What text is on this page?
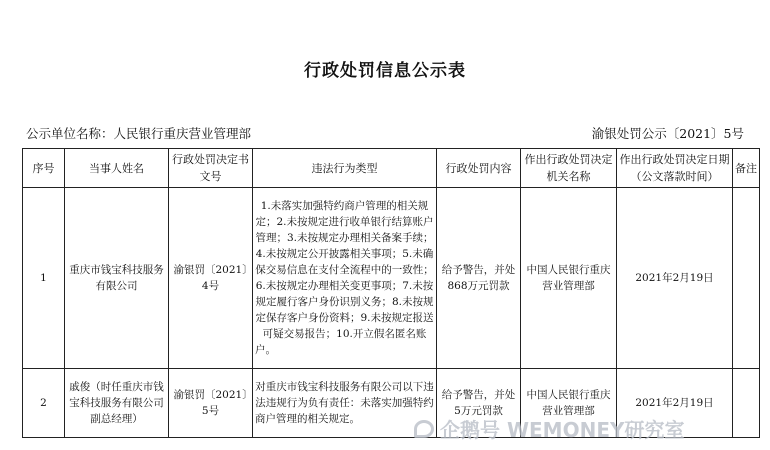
行政处罚信息公示表
公示单位名称：人民银行重庆营业管理部	渝银处罚公示〔2021〕5号
序号	当事人姓名	行政处罚决定书文号	违法行为类型	行政处罚内容	作出行政处罚决定机关名称	作出行政处罚决定日期（公文落款时间）	备注
1	重庆市钱宝科技服务有限公司	渝银罚〔2021〕4号	1.未落实加强特约商户管理的相关规定；2.未按规定进行收单银行结算账户管理；3.未按规定办理相关备案手续；4.未按规定公开披露相关事项；5.未确保交易信息在支付全流程中的一致性；6.未按规定办理相关变更事项；7.未按规定履行客户身份识别义务；8.未按规定保存客户身份资料；9.未按规定报送可疑交易报告；10.开立假名匿名账户。	给予警告，并处868万元罚款	中国人民银行重庆营业管理部	2021年2月19日	
2	戚俊（时任重庆市钱宝科技服务有限公司副总经理）	渝银罚〔2021〕5号	对重庆市钱宝科技服务有限公司以下违法违规行为负有责任：未落实加强特约商户管理的相关规定。	给予警告，并处5万元罚款	中国人民银行重庆营业管理部	2021年2月19日	
企鹅号 WEMONEY研究室
